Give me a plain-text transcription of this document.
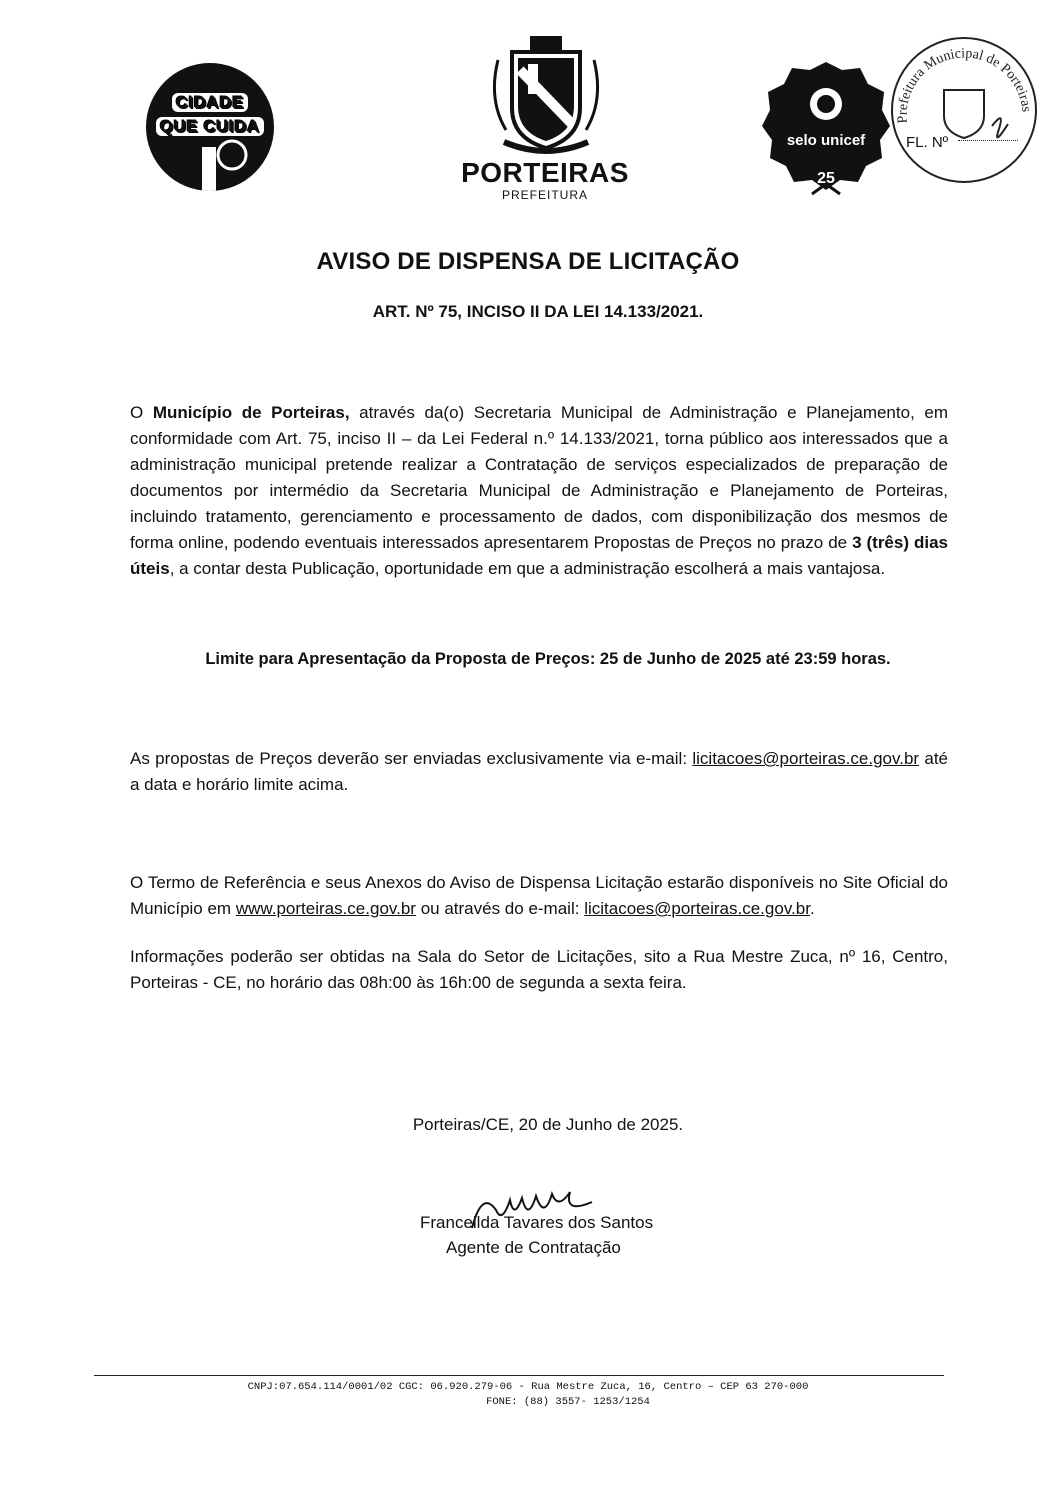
CIDADE
QUE CUIDA
PORTEIRAS
PREFEITURA
selo unicef
25
Prefeitura Municipal de Porteiras
FL. Nº
AVISO DE DISPENSA DE LICITAÇÃO
ART. Nº 75, INCISO II DA LEI 14.133/2021.
O Município de Porteiras, através da(o) Secretaria Municipal de Administração e Planejamento, em conformidade com Art. 75, inciso II – da Lei Federal n.º 14.133/2021, torna público aos interessados que a administração municipal pretende realizar a Contratação de serviços especializados de preparação de documentos por intermédio da Secretaria Municipal de Administração e Planejamento de Porteiras, incluindo tratamento, gerenciamento e processamento de dados, com disponibilização dos mesmos de forma online, podendo eventuais interessados apresentarem Propostas de Preços no prazo de 3 (três) dias úteis, a contar desta Publicação, oportunidade em que a administração escolherá a mais vantajosa.
Limite para Apresentação da Proposta de Preços: 25 de Junho de 2025 até 23:59 horas.
As propostas de Preços deverão ser enviadas exclusivamente via e-mail: licitacoes@porteiras.ce.gov.br até a data e horário limite acima.
O Termo de Referência e seus Anexos do Aviso de Dispensa Licitação estarão disponíveis no Site Oficial do Município em www.porteiras.ce.gov.br ou através do e-mail: licitacoes@porteiras.ce.gov.br.
Informações poderão ser obtidas na Sala do Setor de Licitações, sito a Rua Mestre Zuca, nº 16, Centro, Porteiras - CE, no horário das 08h:00 às 16h:00 de segunda a sexta feira.
Porteiras/CE, 20 de Junho de 2025.
Franceilda Tavares dos Santos
Agente de Contratação
CNPJ:07.654.114/0001/02 CGC: 06.920.279-06 - Rua Mestre Zuca, 16, Centro – CEP 63 270-000
FONE: (88) 3557- 1253/1254
